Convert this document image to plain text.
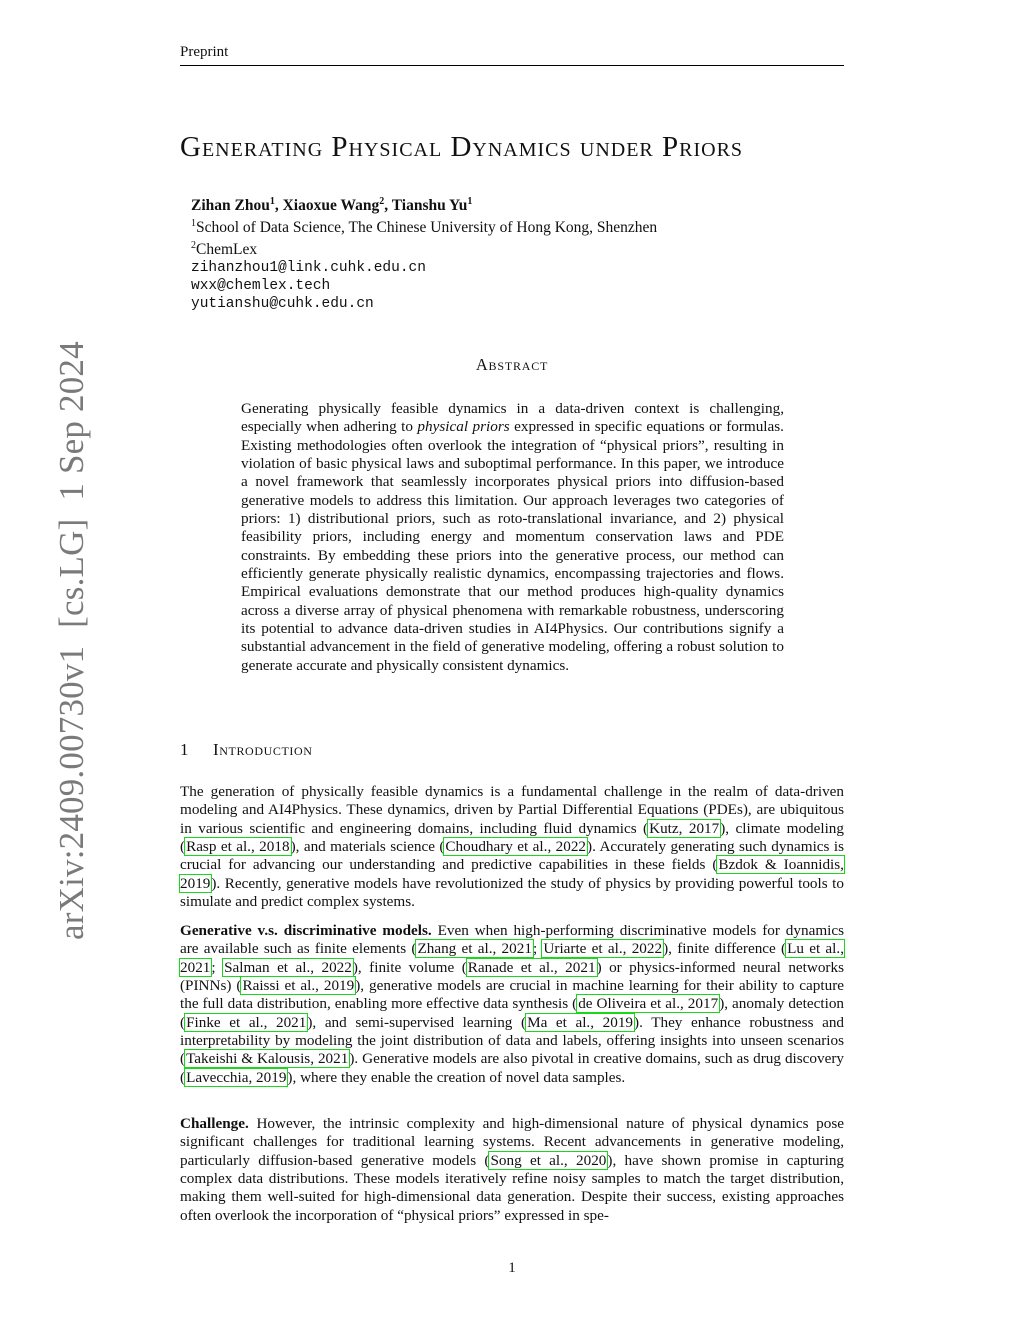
Preprint
arXiv:2409.00730v1  [cs.LG]  1 Sep 2024
Generating Physical Dynamics under Priors
Zihan Zhou$^1$, Xiaoxue Wang$^2$, Tianshu Yu$^1$
$^1$School of Data Science, The Chinese University of Hong Kong, Shenzhen
$^2$ChemLex
zihanzhou1@link.cuhk.edu.cn
wxx@chemlex.tech
yutianshu@cuhk.edu.cn
Abstract
Generating physically feasible dynamics in a data-driven context is challenging, especially when adhering to physical priors expressed in specific equations or formulas. Existing methodologies often overlook the integration of “physical priors”, resulting in violation of basic physical laws and suboptimal performance. In this paper, we introduce a novel framework that seamlessly incorporates physical priors into diffusion-based generative models to address this limitation. Our approach leverages two categories of priors: 1) distributional priors, such as roto-translational invariance, and 2) physical feasibility priors, including energy and momentum conservation laws and PDE constraints. By embedding these priors into the generative process, our method can efficiently generate physically realistic dynamics, encompassing trajectories and flows. Empirical evaluations demonstrate that our method produces high-quality dynamics across a diverse array of physical phenomena with remarkable robustness, underscoring its potential to advance data-driven studies in AI4Physics. Our contributions signify a substantial advancement in the field of generative modeling, offering a robust solution to generate accurate and physically consistent dynamics.
1 Introduction
The generation of physically feasible dynamics is a fundamental challenge in the realm of data-driven modeling and AI4Physics. These dynamics, driven by Partial Differential Equations (PDEs), are ubiquitous in various scientific and engineering domains, including fluid dynamics (Kutz, 2017), climate modeling (Rasp et al., 2018), and materials science (Choudhary et al., 2022). Accurately generating such dynamics is crucial for advancing our understanding and predictive capabilities in these fields (Bzdok & Ioannidis, 2019). Recently, generative models have revolutionized the study of physics by providing powerful tools to simulate and predict complex systems.
Generative v.s. discriminative models. Even when high-performing discriminative models for dynamics are available such as finite elements (Zhang et al., 2021; Uriarte et al., 2022), finite difference (Lu et al., 2021; Salman et al., 2022), finite volume (Ranade et al., 2021) or physics-informed neural networks (PINNs) (Raissi et al., 2019), generative models are crucial in machine learning for their ability to capture the full data distribution, enabling more effective data synthesis (de Oliveira et al., 2017), anomaly detection (Finke et al., 2021), and semi-supervised learning (Ma et al., 2019). They enhance robustness and interpretability by modeling the joint distribution of data and labels, offering insights into unseen scenarios (Takeishi & Kalousis, 2021). Generative models are also pivotal in creative domains, such as drug discovery (Lavecchia, 2019), where they enable the creation of novel data samples.
Challenge. However, the intrinsic complexity and high-dimensional nature of physical dynamics pose significant challenges for traditional learning systems. Recent advancements in generative modeling, particularly diffusion-based generative models (Song et al., 2020), have shown promise in capturing complex data distributions. These models iteratively refine noisy samples to match the target distribution, making them well-suited for high-dimensional data generation. Despite their success, existing approaches often overlook the incorporation of “physical priors” expressed in spe-
1
